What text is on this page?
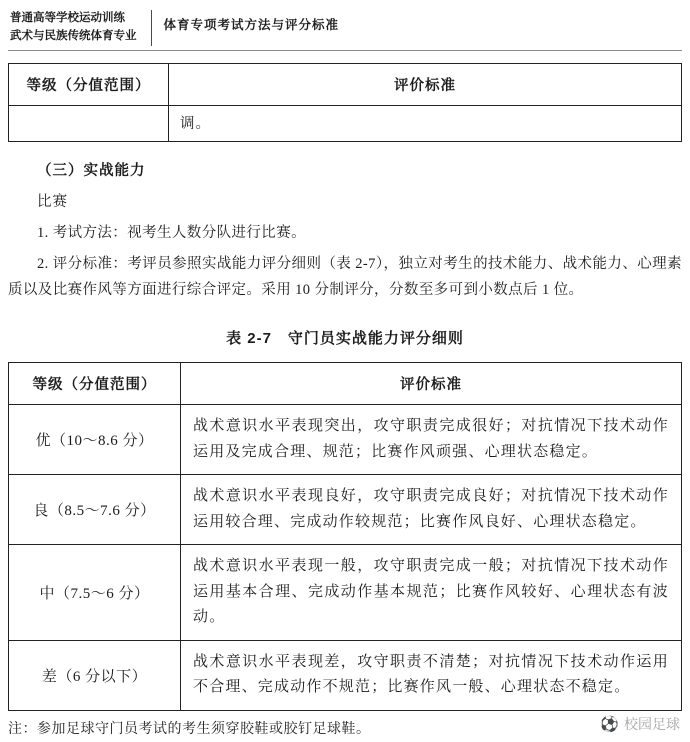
普通高等学校运动训练
武术与民族传统体育专业
体育专项考试方法与评分标准
等级（分值范围）	评价标准
	调。
（三）实战能力
比赛

1. 考试方法：视考生人数分队进行比赛。

2. 评分标准：考评员参照实战能力评分细则（表 2-7），独立对考生的技术能力、战术能力、心理素质以及比赛作风等方面进行综合评定。采用 10 分制评分，分数至多可到小数点后 1 位。

表 2-7　守门员实战能力评分细则
等级（分值范围）	评价标准
优（10～8.6 分）	战术意识水平表现突出，攻守职责完成很好；对抗情况下技术动作运用及完成合理、规范；比赛作风顽强、心理状态稳定。
良（8.5～7.6 分）	战术意识水平表现良好，攻守职责完成良好；对抗情况下技术动作运用较合理、完成动作较规范；比赛作风良好、心理状态稳定。
中（7.5～6 分）	战术意识水平表现一般，攻守职责完成一般；对抗情况下技术动作运用基本合理、完成动作基本规范；比赛作风较好、心理状态有波动。
差（6 分以下）	战术意识水平表现差，攻守职责不清楚；对抗情况下技术动作运用不合理、完成动作不规范；比赛作风一般、心理状态不稳定。
注：参加足球守门员考试的考生须穿胶鞋或胶钉足球鞋。	⚽ 校园足球
